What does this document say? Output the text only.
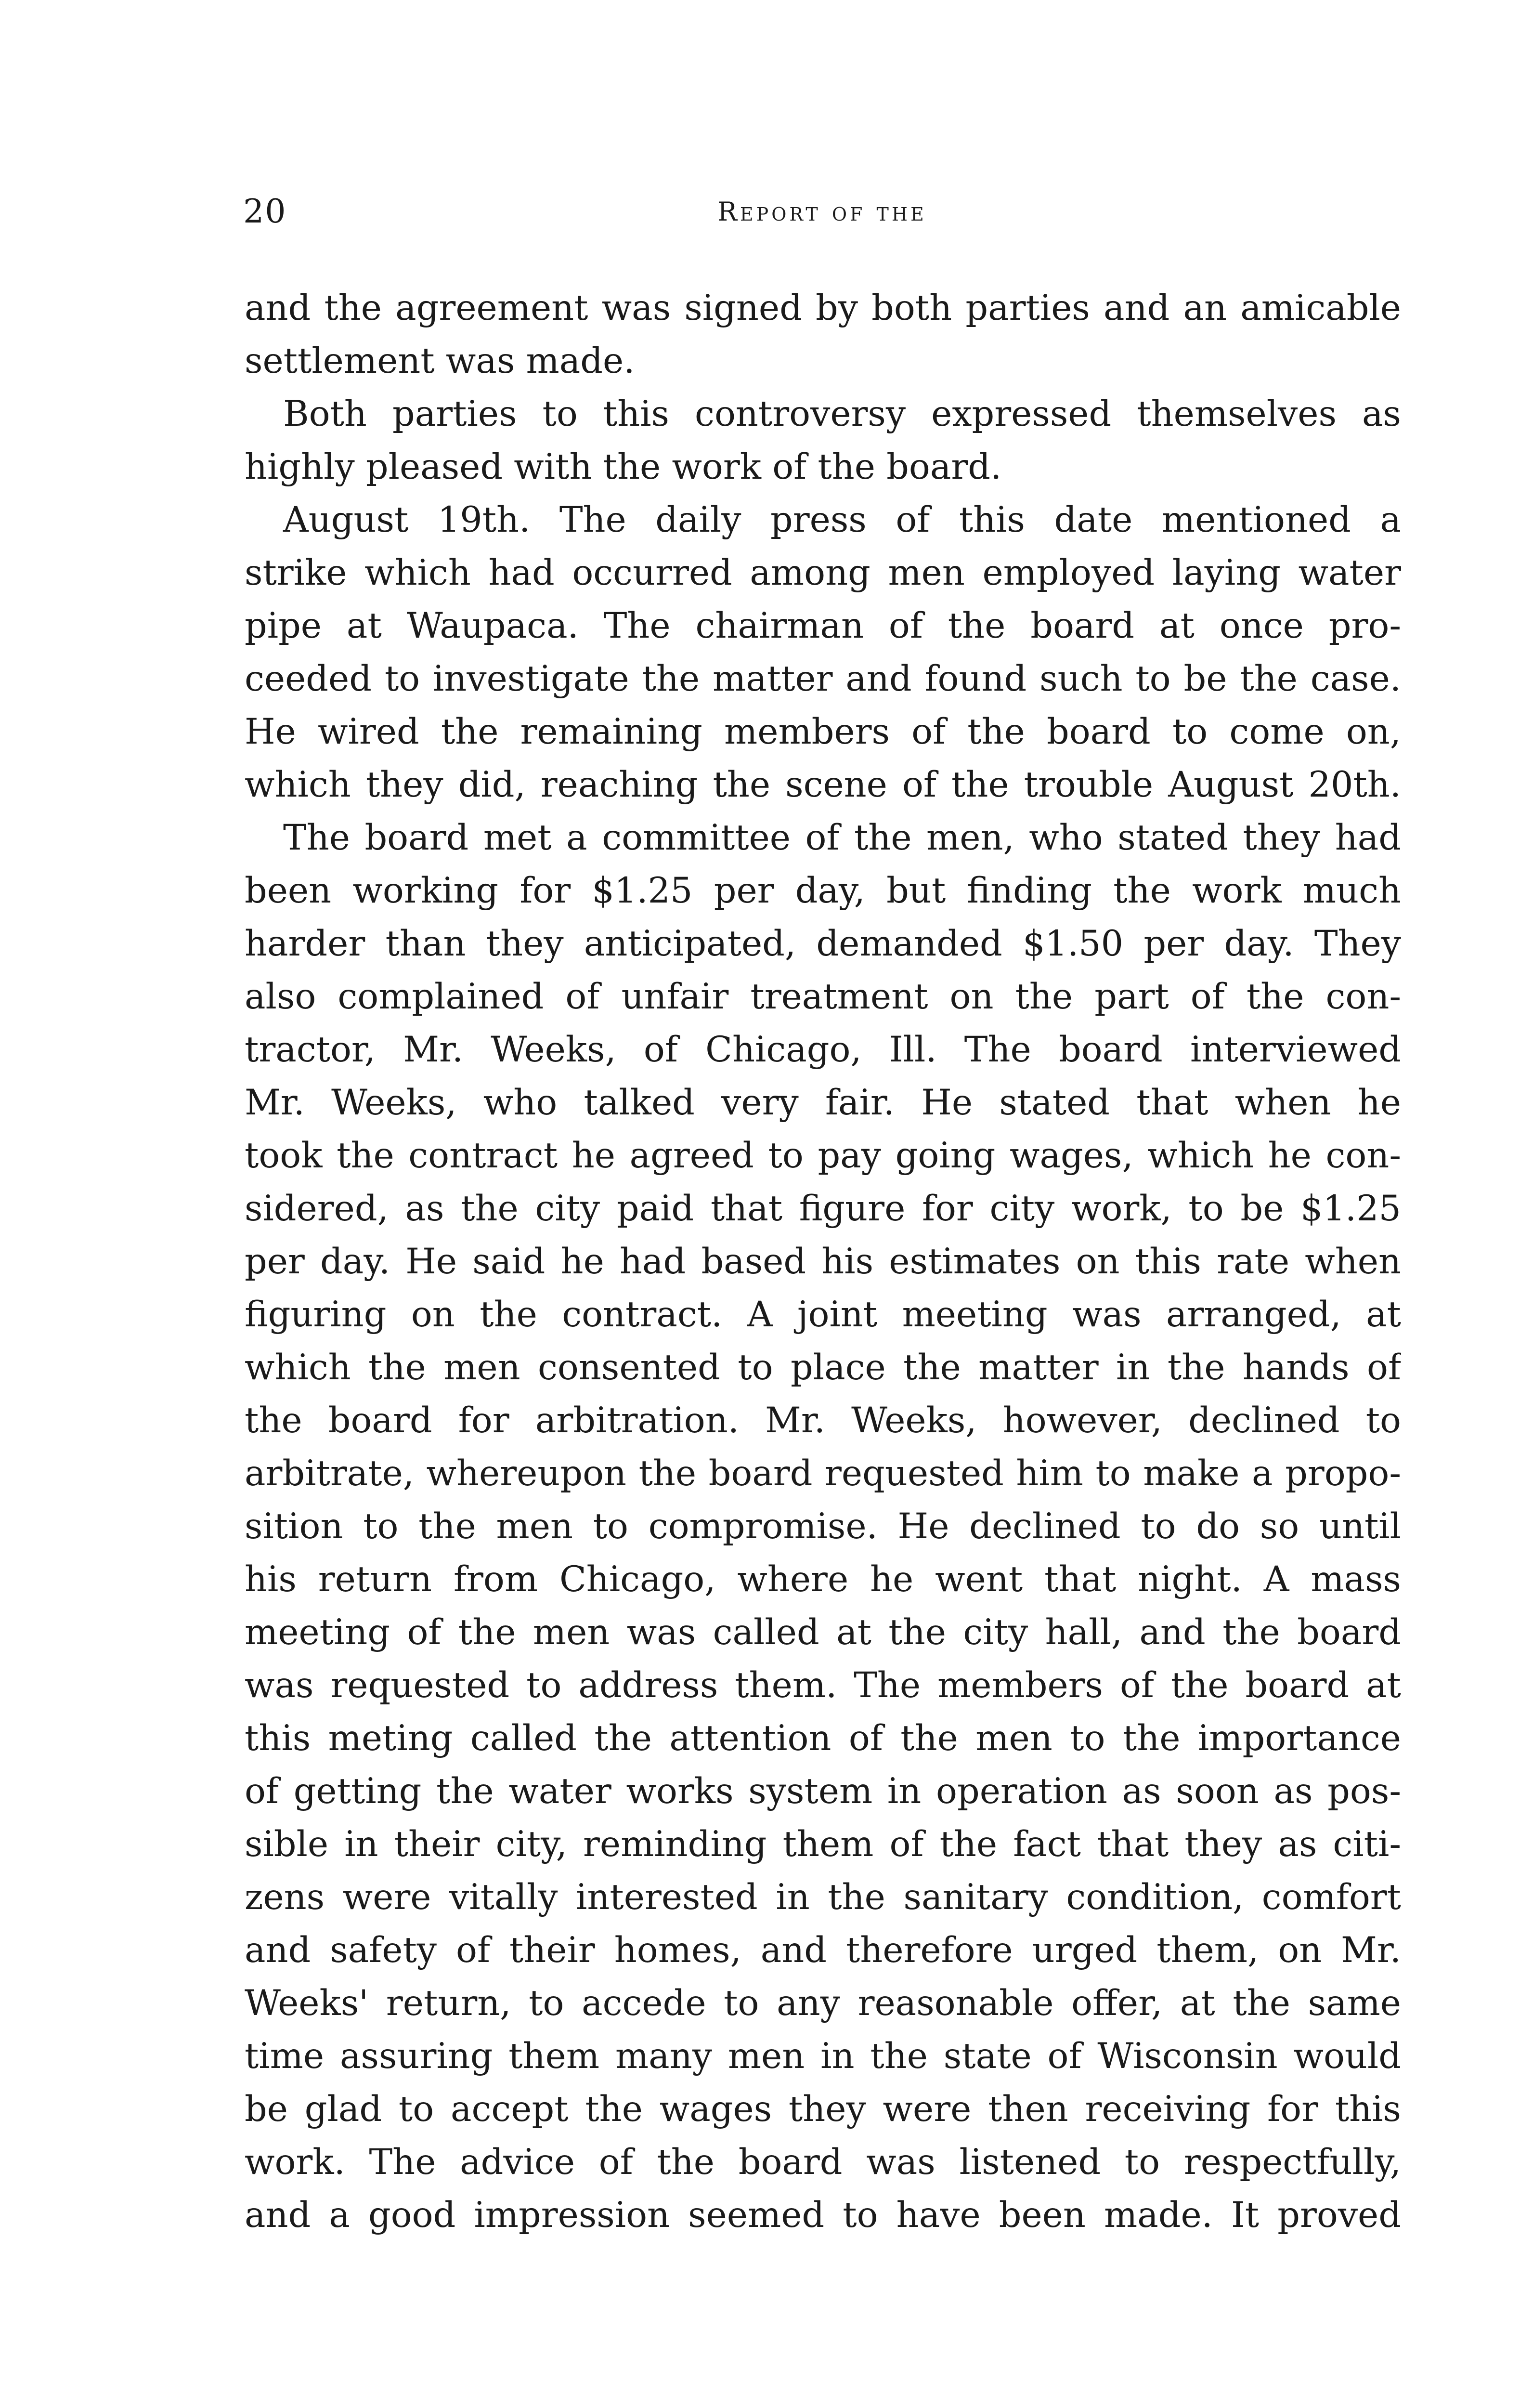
20	Report of the
and the agreement was signed by both parties and an amicable
settlement was made.
Both parties to this controversy expressed themselves as
highly pleased with the work of the board.
August 19th. The daily press of this date mentioned a
strike which had occurred among men employed laying water
pipe at Waupaca. The chairman of the board at once pro-
ceeded to investigate the matter and found such to be the case.
He wired the remaining members of the board to come on,
which they did, reaching the scene of the trouble August 20th.
The board met a committee of the men, who stated they had
been working for $1.25 per day, but finding the work much
harder than they anticipated, demanded $1.50 per day. They
also complained of unfair treatment on the part of the con-
tractor, Mr. Weeks, of Chicago, Ill. The board interviewed
Mr. Weeks, who talked very fair. He stated that when he
took the contract he agreed to pay going wages, which he con-
sidered, as the city paid that figure for city work, to be $1.25
per day. He said he had based his estimates on this rate when
figuring on the contract. A joint meeting was arranged, at
which the men consented to place the matter in the hands of
the board for arbitration. Mr. Weeks, however, declined to
arbitrate, whereupon the board requested him to make a propo-
sition to the men to compromise. He declined to do so until
his return from Chicago, where he went that night. A mass
meeting of the men was called at the city hall, and the board
was requested to address them. The members of the board at
this meting called the attention of the men to the importance
of getting the water works system in operation as soon as pos-
sible in their city, reminding them of the fact that they as citi-
zens were vitally interested in the sanitary condition, comfort
and safety of their homes, and therefore urged them, on Mr.
Weeks' return, to accede to any reasonable offer, at the same
time assuring them many men in the state of Wisconsin would
be glad to accept the wages they were then receiving for this
work. The advice of the board was listened to respectfully,
and a good impression seemed to have been made. It proved
